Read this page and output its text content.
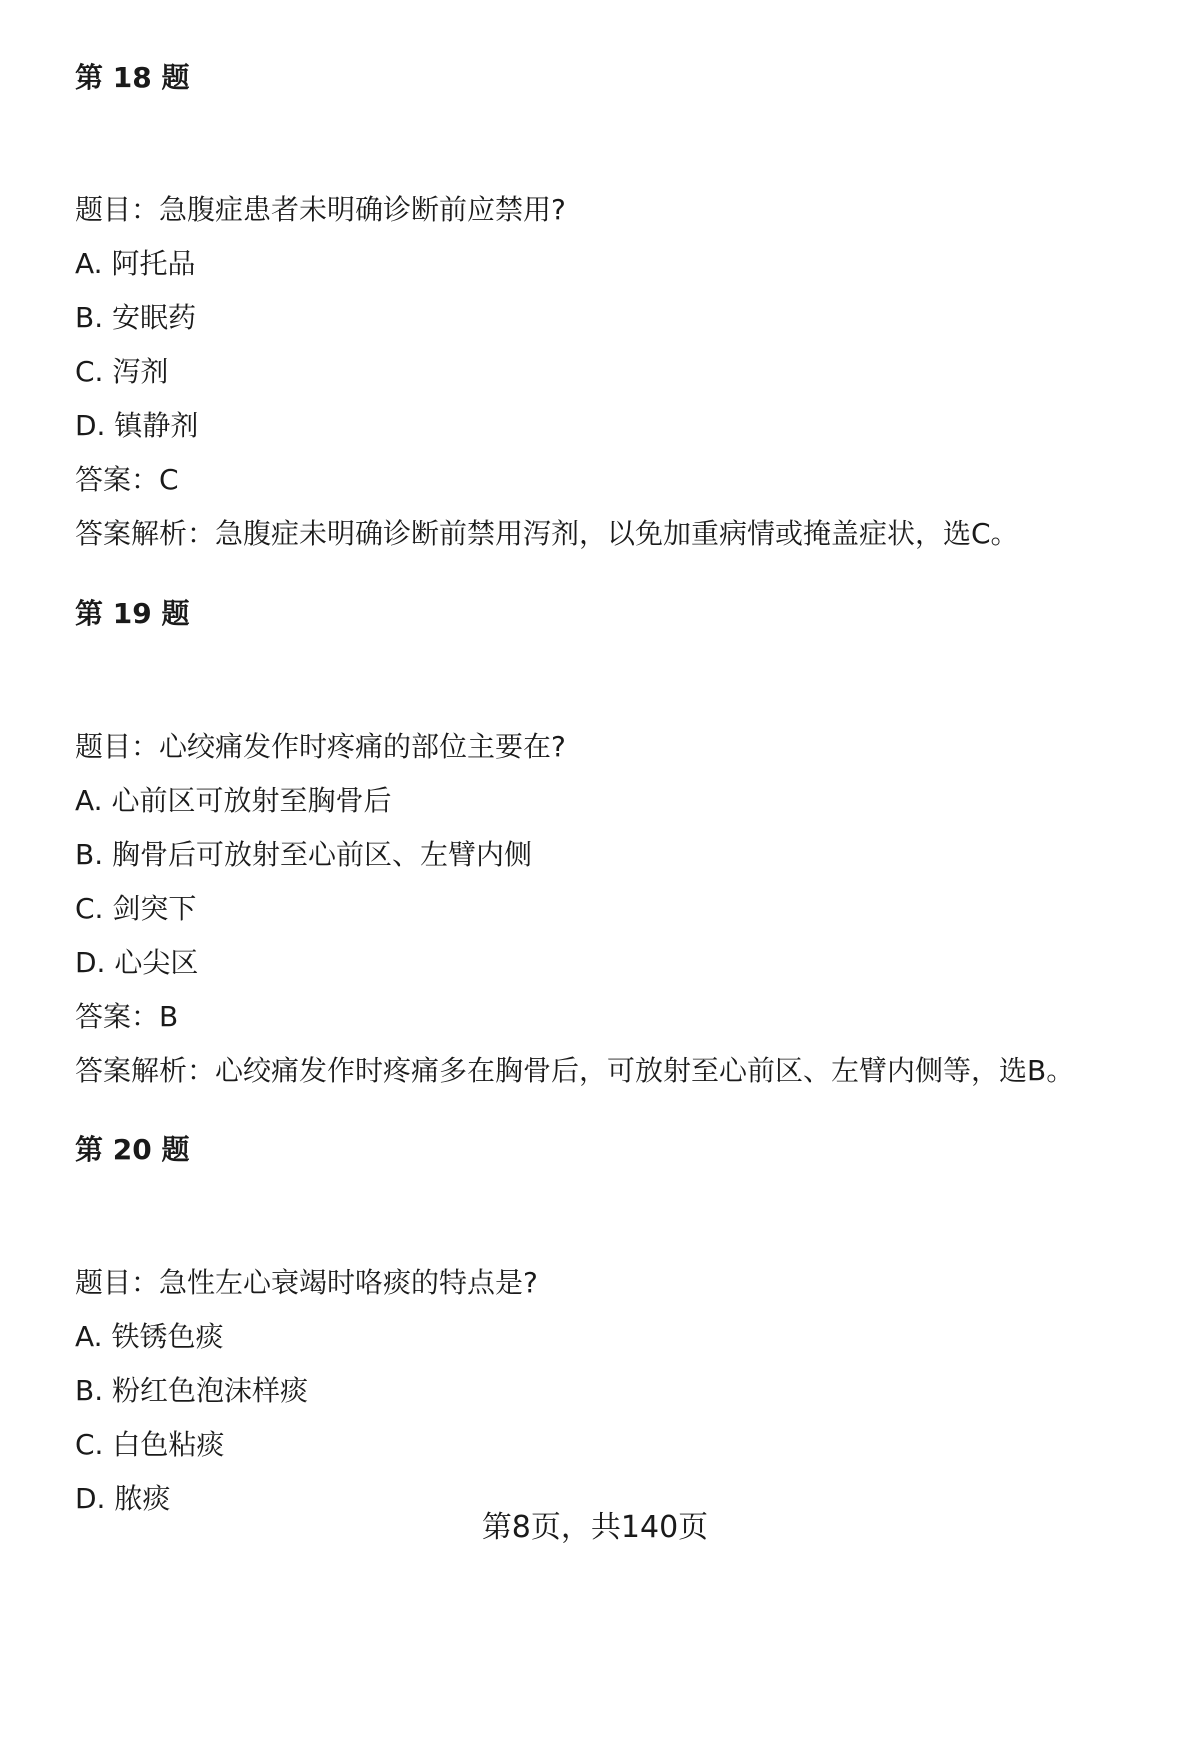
第 18 题
题目：急腹症患者未明确诊断前应禁用?
A. 阿托品
B. 安眠药
C. 泻剂
D. 镇静剂
答案：C
答案解析：急腹症未明确诊断前禁用泻剂，以免加重病情或掩盖症状，选C。
第 19 题
题目：心绞痛发作时疼痛的部位主要在?
A. 心前区可放射至胸骨后
B. 胸骨后可放射至心前区、左臂内侧
C. 剑突下
D. 心尖区
答案：B
答案解析：心绞痛发作时疼痛多在胸骨后，可放射至心前区、左臂内侧等，选B。
第 20 题
题目：急性左心衰竭时咯痰的特点是?
A. 铁锈色痰
B. 粉红色泡沫样痰
C. 白色粘痰
D. 脓痰
第8页，共140页
